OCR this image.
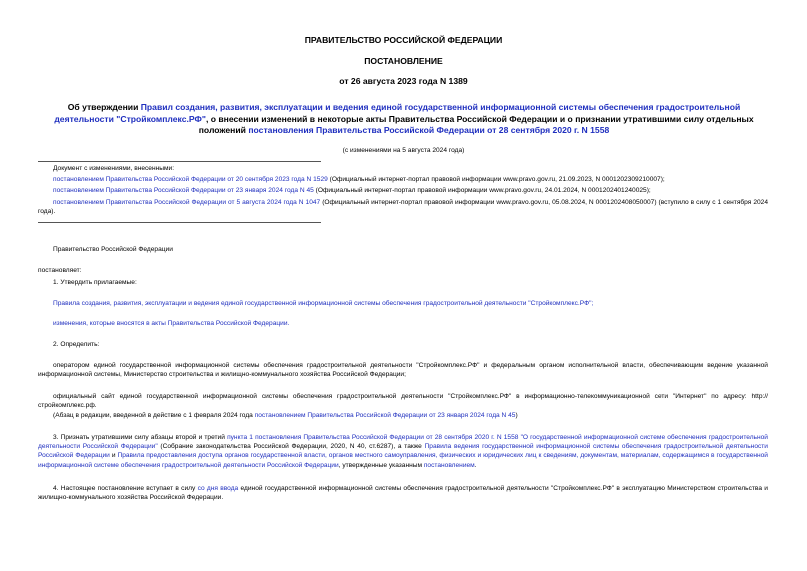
ПРАВИТЕЛЬСТВО РОССИЙСКОЙ ФЕДЕРАЦИИ
ПОСТАНОВЛЕНИЕ
от 26 августа 2023 года N 1389
Об утверждении Правил создания, развития, эксплуатации и ведения единой государственной информационной системы обеспечения градостроительной деятельности "Стройкомплекс.РФ", о внесении изменений в некоторые акты Правительства Российской Федерации и о признании утратившими силу отдельных положений постановления Правительства Российской Федерации от 28 сентября 2020 г. N 1558
(с изменениями на 5 августа 2024 года)
Документ с изменениями, внесенными:
постановлением Правительства Российской Федерации от 20 сентября 2023 года N 1529 (Официальный интернет-портал правовой информации www.pravo.gov.ru, 21.09.2023, N 0001202309210007);
постановлением Правительства Российской Федерации от 23 января 2024 года N 45 (Официальный интернет-портал правовой информации www.pravo.gov.ru, 24.01.2024, N 0001202401240025);
постановлением Правительства Российской Федерации от 5 августа 2024 года N 1047 (Официальный интернет-портал правовой информации www.pravo.gov.ru, 05.08.2024, N 0001202408050007) (вступило в силу с 1 сентября 2024 года).
Правительство Российской Федерации
постановляет:
1. Утвердить прилагаемые:
Правила создания, развития, эксплуатации и ведения единой государственной информационной системы обеспечения градостроительной деятельности "Стройкомплекс.РФ";
изменения, которые вносятся в акты Правительства Российской Федерации.
2. Определить:
оператором единой государственной информационной системы обеспечения градостроительной деятельности "Стройкомплекс.РФ" и федеральным органом исполнительной власти, обеспечивающим ведение указанной информационной системы, Министерство строительства и жилищно-коммунального хозяйства Российской Федерации;
официальный сайт единой государственной информационной системы обеспечения градостроительной деятельности "Стройкомплекс.РФ" в информационно-телекоммуникационной сети "Интернет" по адресу: http://стройкомплекс.рф.
(Абзац в редакции, введенной в действие с 1 февраля 2024 года постановлением Правительства Российской Федерации от 23 января 2024 года N 45)
3. Признать утратившими силу абзацы второй и третий пункта 1 постановления Правительства Российской Федерации от 28 сентября 2020 г. N 1558 "О государственной информационной системе обеспечения градостроительной деятельности Российской Федерации" (Собрание законодательства Российской Федерации, 2020, N 40, ст.6287), а также Правила ведения государственной информационной системы обеспечения градостроительной деятельности Российской Федерации и Правила предоставления доступа органов государственной власти, органов местного самоуправления, физических и юридических лиц к сведениям, документам, материалам, содержащимся в государственной информационной системе обеспечения градостроительной деятельности Российской Федерации, утвержденные указанным постановлением.
4. Настоящее постановление вступает в силу со дня ввода единой государственной информационной системы обеспечения градостроительной деятельности "Стройкомплекс.РФ" в эксплуатацию Министерством строительства и жилищно-коммунального хозяйства Российской Федерации.
